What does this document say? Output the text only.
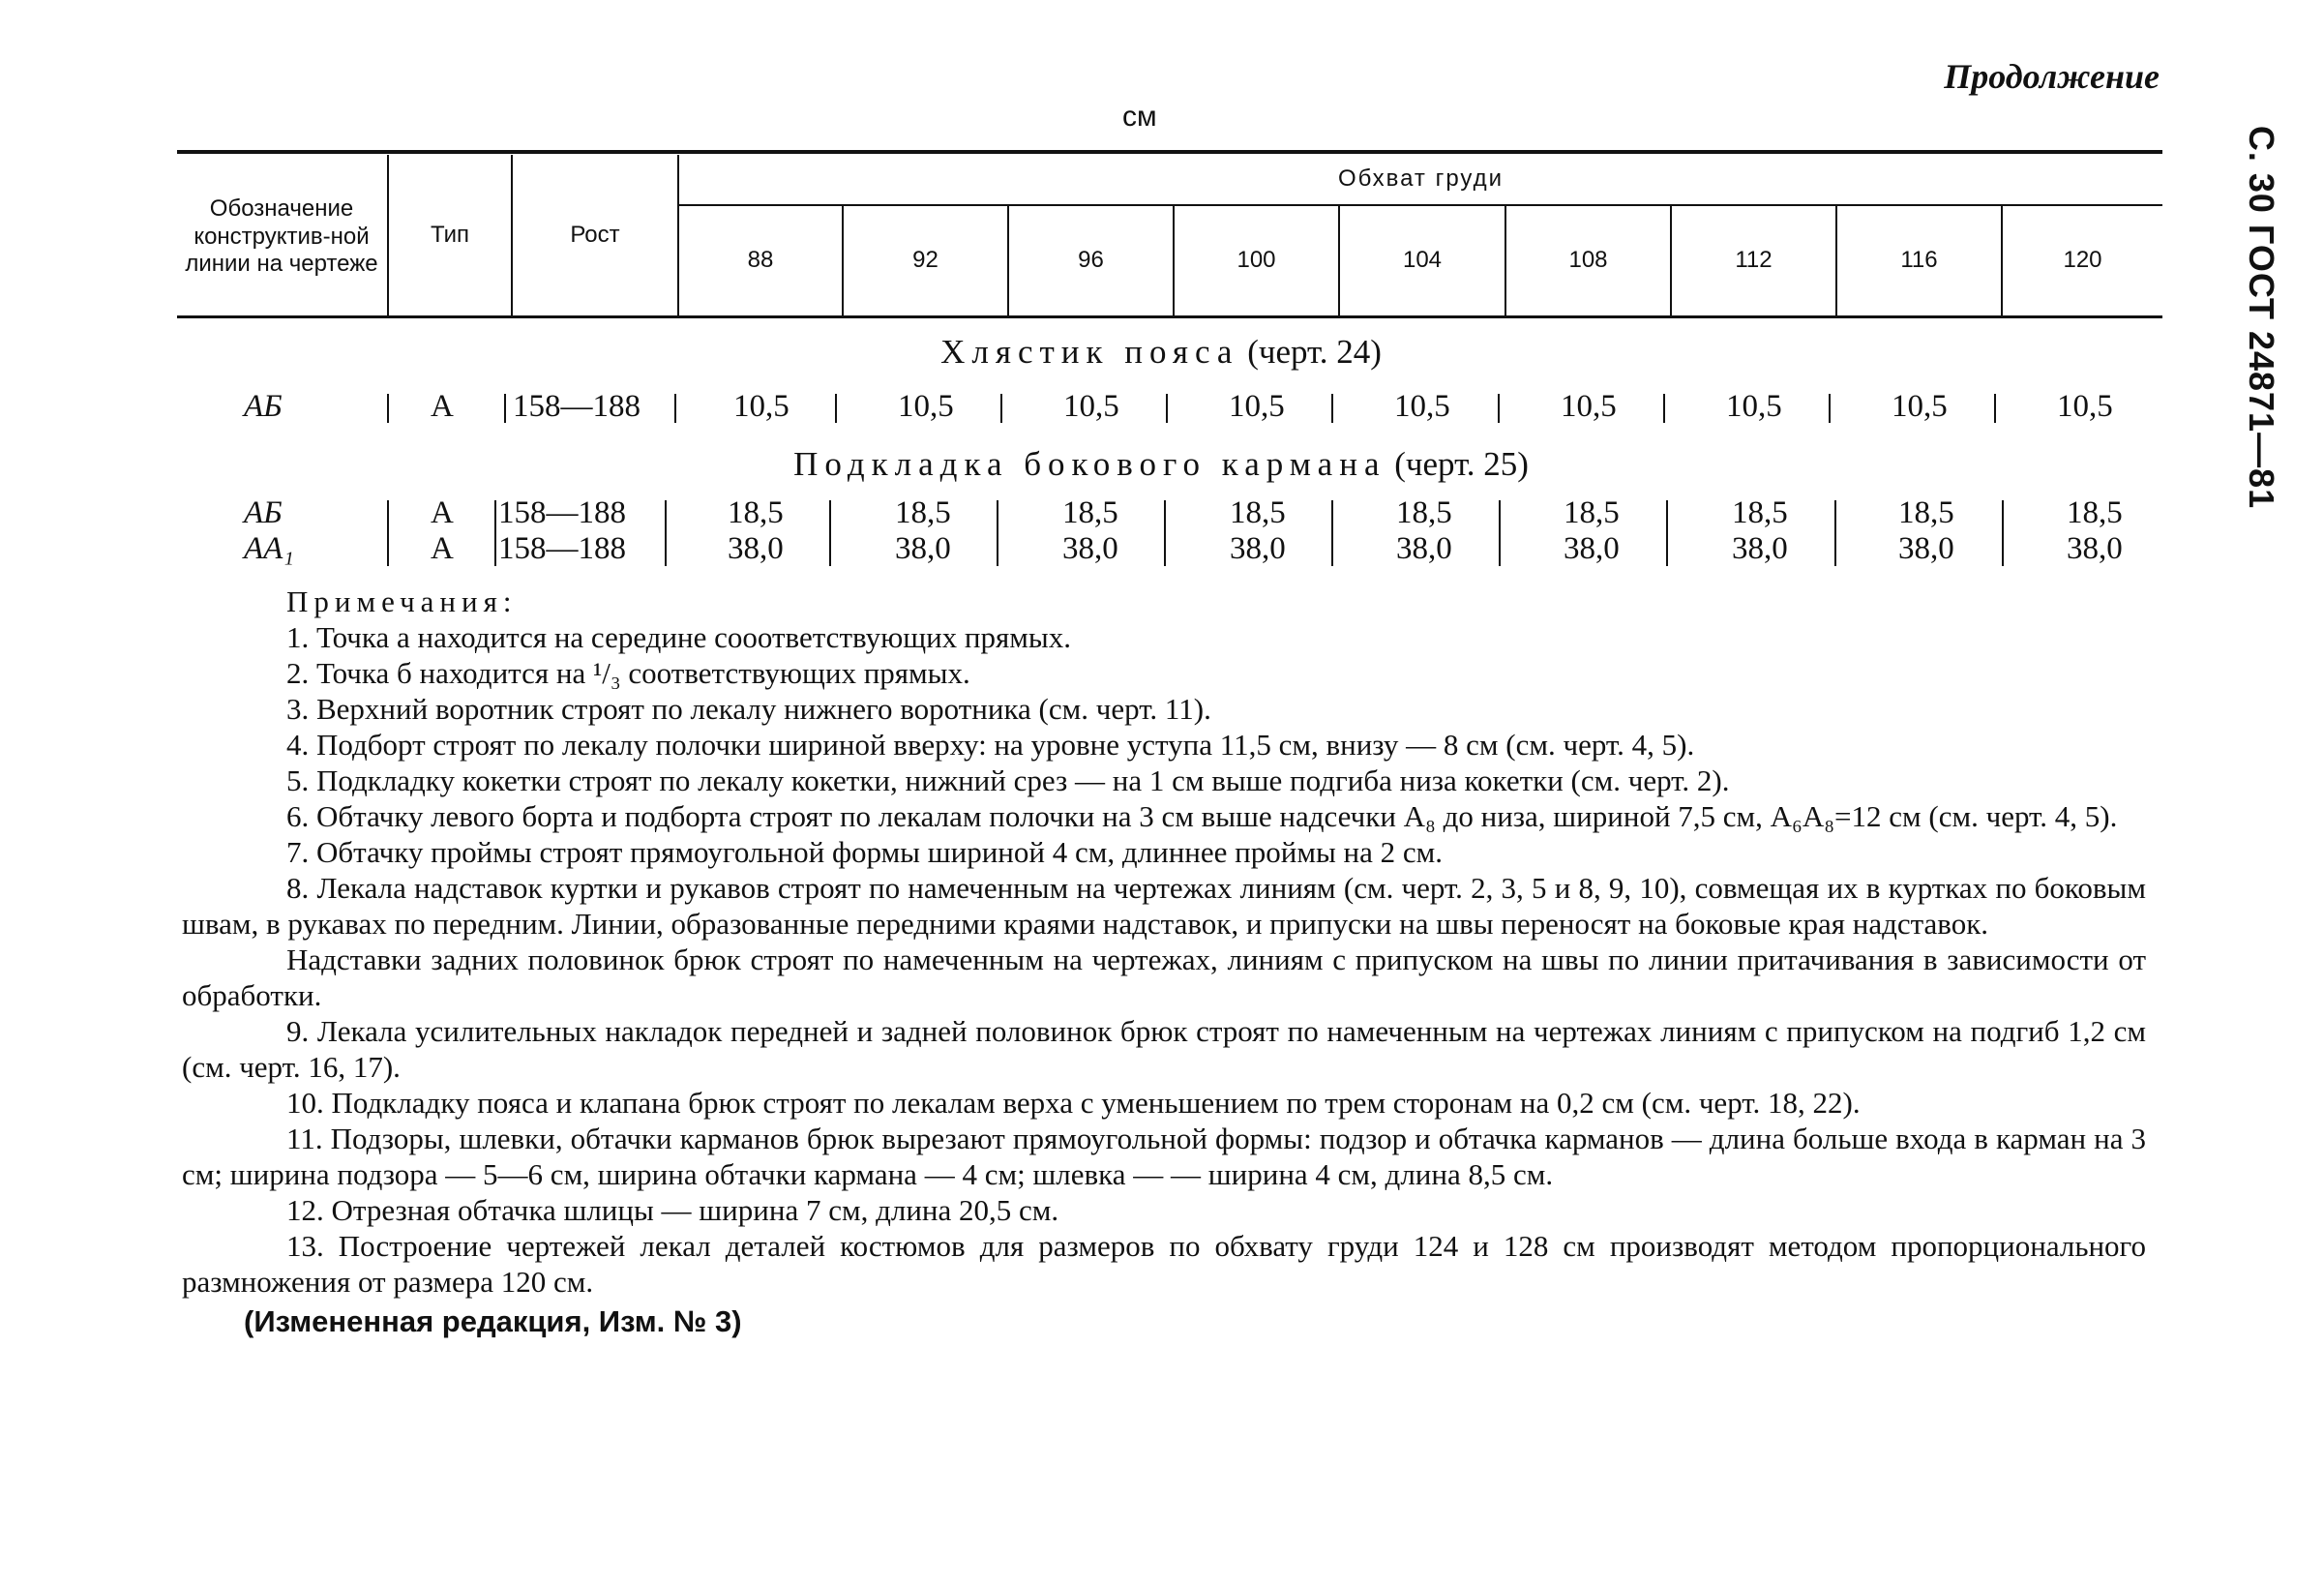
Продолжение
С. 30 ГОСТ 24871—81
см
Обозначение конструктив-ной линии на чертеже
Тип	Рост
Обхват груди
88	92	96	100	104	108	112	116	120
Хлястик пояса (черт. 24)
АБ	А 158—188	10,5	10,5	10,5	10,5	10,5	10,5	10,5	10,5	10,5
Подкладка бокового кармана (черт. 25)
АБ	А 158—188	18,5	18,5	18,5	18,5	18,5	18,5	18,5	18,5	18,5
АА₁	А 158—188	38,0	38,0	38,0	38,0	38,0	38,0	38,0	38,0	38,0

Примечания:

1. Точка а находится на середине сооответствующих прямых.

2. Точка б находится на ¹/₃ соответствующих прямых.

3. Верхний воротник строят по лекалу нижнего воротника (см. черт. 11).

4. Подборт строят по лекалу полочки шириной вверху: на уровне уступа 11,5 см, внизу — 8 см (см. черт. 4, 5).

5. Подкладку кокетки строят по лекалу кокетки, нижний срез — на 1 см выше подгиба низа кокетки (см. черт. 2).

6. Обтачку левого борта и подборта строят по лекалам полочки на 3 см выше надсечки А₈ до низа, шириной 7,5 см, А₆А₈=12 см (см. черт. 4, 5).

7. Обтачку проймы строят прямоугольной формы шириной 4 см, длиннее проймы на 2 см.

8. Лекала надставок куртки и рукавов строят по намеченным на чертежах линиям (см. черт. 2, 3, 5 и 8, 9, 10), совмещая их в куртках по боковым швам, в рукавах по передним. Линии, образованные передними краями надставок, и припуски на швы переносят на боковые края надставок.

Надставки задних половинок брюк строят по намеченным на чертежах, линиям с припуском на швы по линии притачивания в зависимости от обработки.

9. Лекала усилительных накладок передней и задней половинок брюк строят по намеченным на чертежах линиям с припуском на подгиб 1,2 см (см. черт. 16, 17).

10. Подкладку пояса и клапана брюк строят по лекалам верха с уменьшением по трем сторонам на 0,2 см (см. черт. 18, 22).

11. Подзоры, шлевки, обтачки карманов брюк вырезают прямоугольной формы: подзор и обтачка карманов — длина больше входа в карман на 3 см; ширина подзора — 5—6 см, ширина обтачки кармана — 4 см; шлевка — — ширина 4 см, длина 8,5 см.

12. Отрезная обтачка шлицы — ширина 7 см, длина 20,5 см.

13. Построение чертежей лекал деталей костюмов для размеров по обхвату груди 124 и 128 см производят методом пропорционального размножения от размера 120 см.

(Измененная редакция, Изм. № 3)
